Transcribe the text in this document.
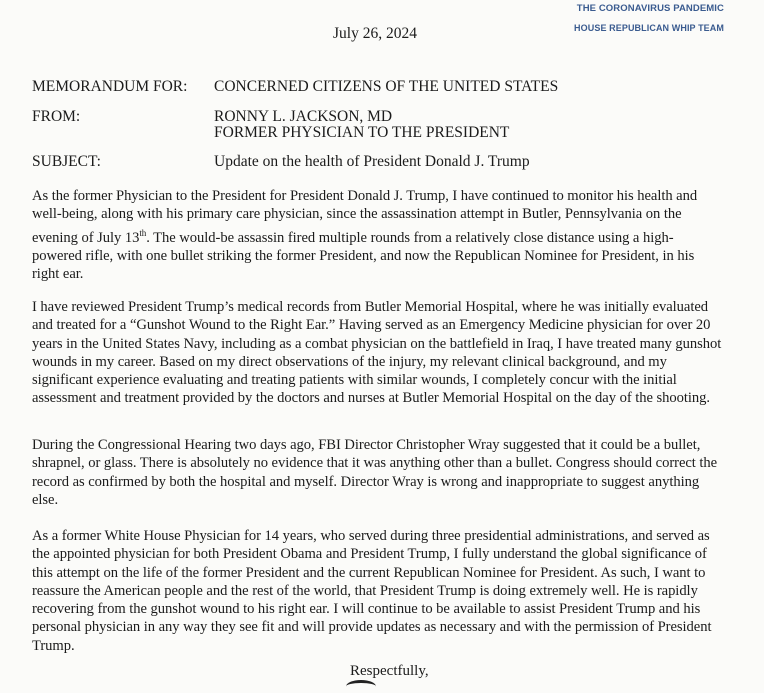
THE CORONAVIRUS PANDEMIC
HOUSE REPUBLICAN WHIP TEAM
July 26, 2024
MEMORANDUM FOR: CONCERNED CITIZENS OF THE UNITED STATES
FROM:	RONNY L. JACKSON, MD
FORMER PHYSICIAN TO THE PRESIDENT
SUBJECT:	Update on the health of President Donald J. Trump

As the former Physician to the President for President Donald J. Trump, I have continued to monitor his health and well-being, along with his primary care physician, since the assassination attempt in Butler, Pennsylvania on the evening of July 13th. The would-be assassin fired multiple rounds from a relatively close distance using a high-powered rifle, with one bullet striking the former President, and now the Republican Nominee for President, in his right ear.

I have reviewed President Trump’s medical records from Butler Memorial Hospital, where he was initially evaluated and treated for a “Gunshot Wound to the Right Ear.” Having served as an Emergency Medicine physician for over 20 years in the United States Navy, including as a combat physician on the battlefield in Iraq, I have treated many gunshot wounds in my career. Based on my direct observations of the injury, my relevant clinical background, and my significant experience evaluating and treating patients with similar wounds, I completely concur with the initial assessment and treatment provided by the doctors and nurses at Butler Memorial Hospital on the day of the shooting.

During the Congressional Hearing two days ago, FBI Director Christopher Wray suggested that it could be a bullet, shrapnel, or glass. There is absolutely no evidence that it was anything other than a bullet. Congress should correct the record as confirmed by both the hospital and myself. Director Wray is wrong and inappropriate to suggest anything else.

As a former White House Physician for 14 years, who served during three presidential administrations, and served as the appointed physician for both President Obama and President Trump, I fully understand the global significance of this attempt on the life of the former President and the current Republican Nominee for President. As such, I want to reassure the American people and the rest of the world, that President Trump is doing extremely well. He is rapidly recovering from the gunshot wound to his right ear. I will continue to be available to assist President Trump and his personal physician in any way they see fit and will provide updates as necessary and with the permission of President Trump.

Respectfully,
